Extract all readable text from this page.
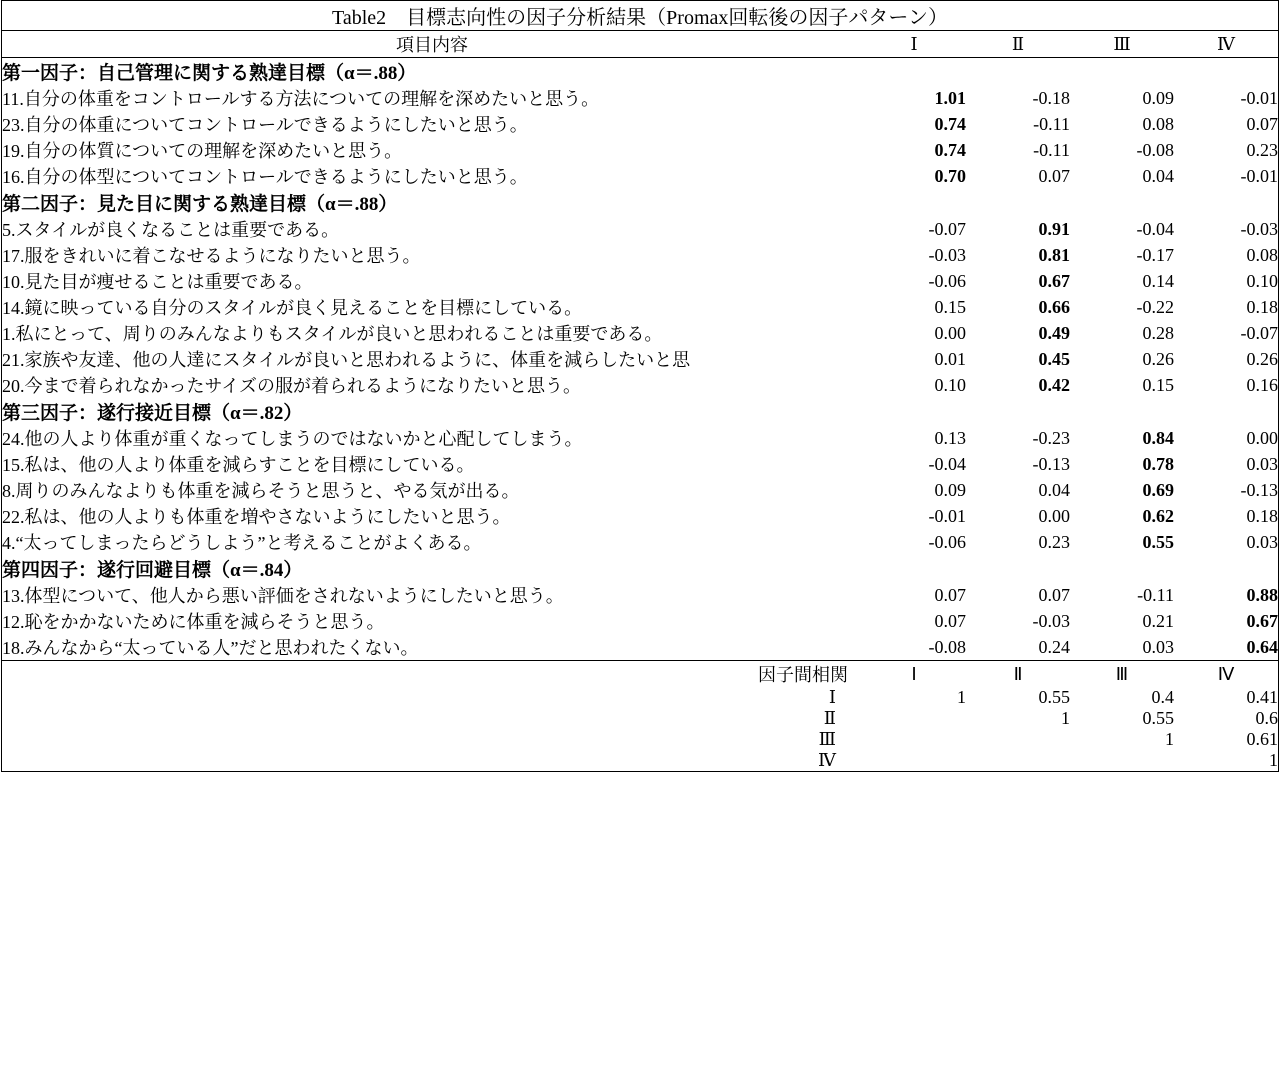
Table2　目標志向性の因子分析結果（Promax回転後の因子パターン）				
項目内容	Ⅰ	Ⅱ	Ⅲ	Ⅳ
第一因子：自己管理に関する熟達目標（α＝.88）				
11.自分の体重をコントロールする方法についての理解を深めたいと思う。	1.01	-0.18	0.09	-0.01
23.自分の体重についてコントロールできるようにしたいと思う。	0.74	-0.11	0.08	0.07
19.自分の体質についての理解を深めたいと思う。	0.74	-0.11	-0.08	0.23
16.自分の体型についてコントロールできるようにしたいと思う。	0.70	0.07	0.04	-0.01
第二因子：見た目に関する熟達目標（α＝.88）				
5.スタイルが良くなることは重要である。	-0.07	0.91	-0.04	-0.03
17.服をきれいに着こなせるようになりたいと思う。	-0.03	0.81	-0.17	0.08
10.見た目が痩せることは重要である。	-0.06	0.67	0.14	0.10
14.鏡に映っている自分のスタイルが良く見えることを目標にしている。	0.15	0.66	-0.22	0.18
1.私にとって、周りのみんなよりもスタイルが良いと思われることは重要である。	0.00	0.49	0.28	-0.07
21.家族や友達、他の人達にスタイルが良いと思われるように、体重を減らしたいと思	0.01	0.45	0.26	0.26
20.今まで着られなかったサイズの服が着られるようになりたいと思う。	0.10	0.42	0.15	0.16
第三因子：遂行接近目標（α＝.82）				
24.他の人より体重が重くなってしまうのではないかと心配してしまう。	0.13	-0.23	0.84	0.00
15.私は、他の人より体重を減らすことを目標にしている。	-0.04	-0.13	0.78	0.03
8.周りのみんなよりも体重を減らそうと思うと、やる気が出る。	0.09	0.04	0.69	-0.13
22.私は、他の人よりも体重を増やさないようにしたいと思う。	-0.01	0.00	0.62	0.18
4.“太ってしまったらどうしよう”と考えることがよくある。	-0.06	0.23	0.55	0.03
第四因子：遂行回避目標（α＝.84）				
13.体型について、他人から悪い評価をされないようにしたいと思う。	0.07	0.07	-0.11	0.88
12.恥をかかないために体重を減らそうと思う。	0.07	-0.03	0.21	0.67
18.みんなから“太っている人”だと思われたくない。	-0.08	0.24	0.03	0.64

因子間相関	Ⅰ	Ⅱ	Ⅲ	Ⅳ
Ⅰ	1	0.55	0.4	0.41
Ⅱ		1	0.55	0.6
Ⅲ			1	0.61
Ⅳ				1
